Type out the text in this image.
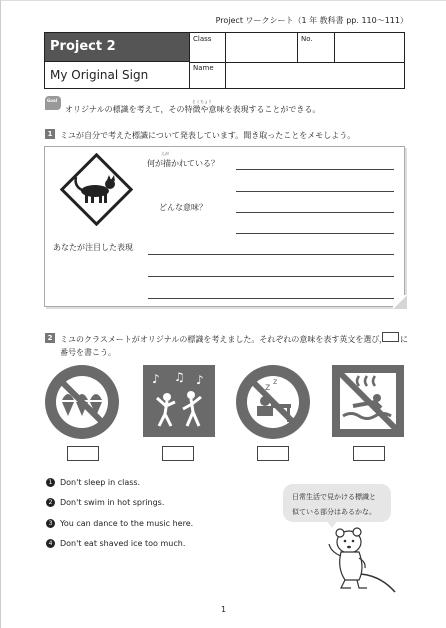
Project ワークシート（1 年 教科書 pp. 110〜111）
Project 2
My Original Sign
Class	No.
Name
Goal	とくちょう
オリジナルの標識を考えて，その特徴や意味を表現することができる。
1 ミユが自分で考えた標識について発表しています。聞き取ったことをメモしよう。
えが
何が描かれている？
どんな意味？
あなたが注目した表現
2 ミユのクラスメートがオリジナルの標識を考えました。それぞれの意味を表す英文を選び， に
番号を書こう。
♪ ♫ ♪
z
z
1 Don't sleep in class.
2 Don't swim in hot springs.
3 You can dance to the music here.
4 Don't eat shaved ice too much.
日常生活で見かける標識と
似ている部分はあるかな。
1
